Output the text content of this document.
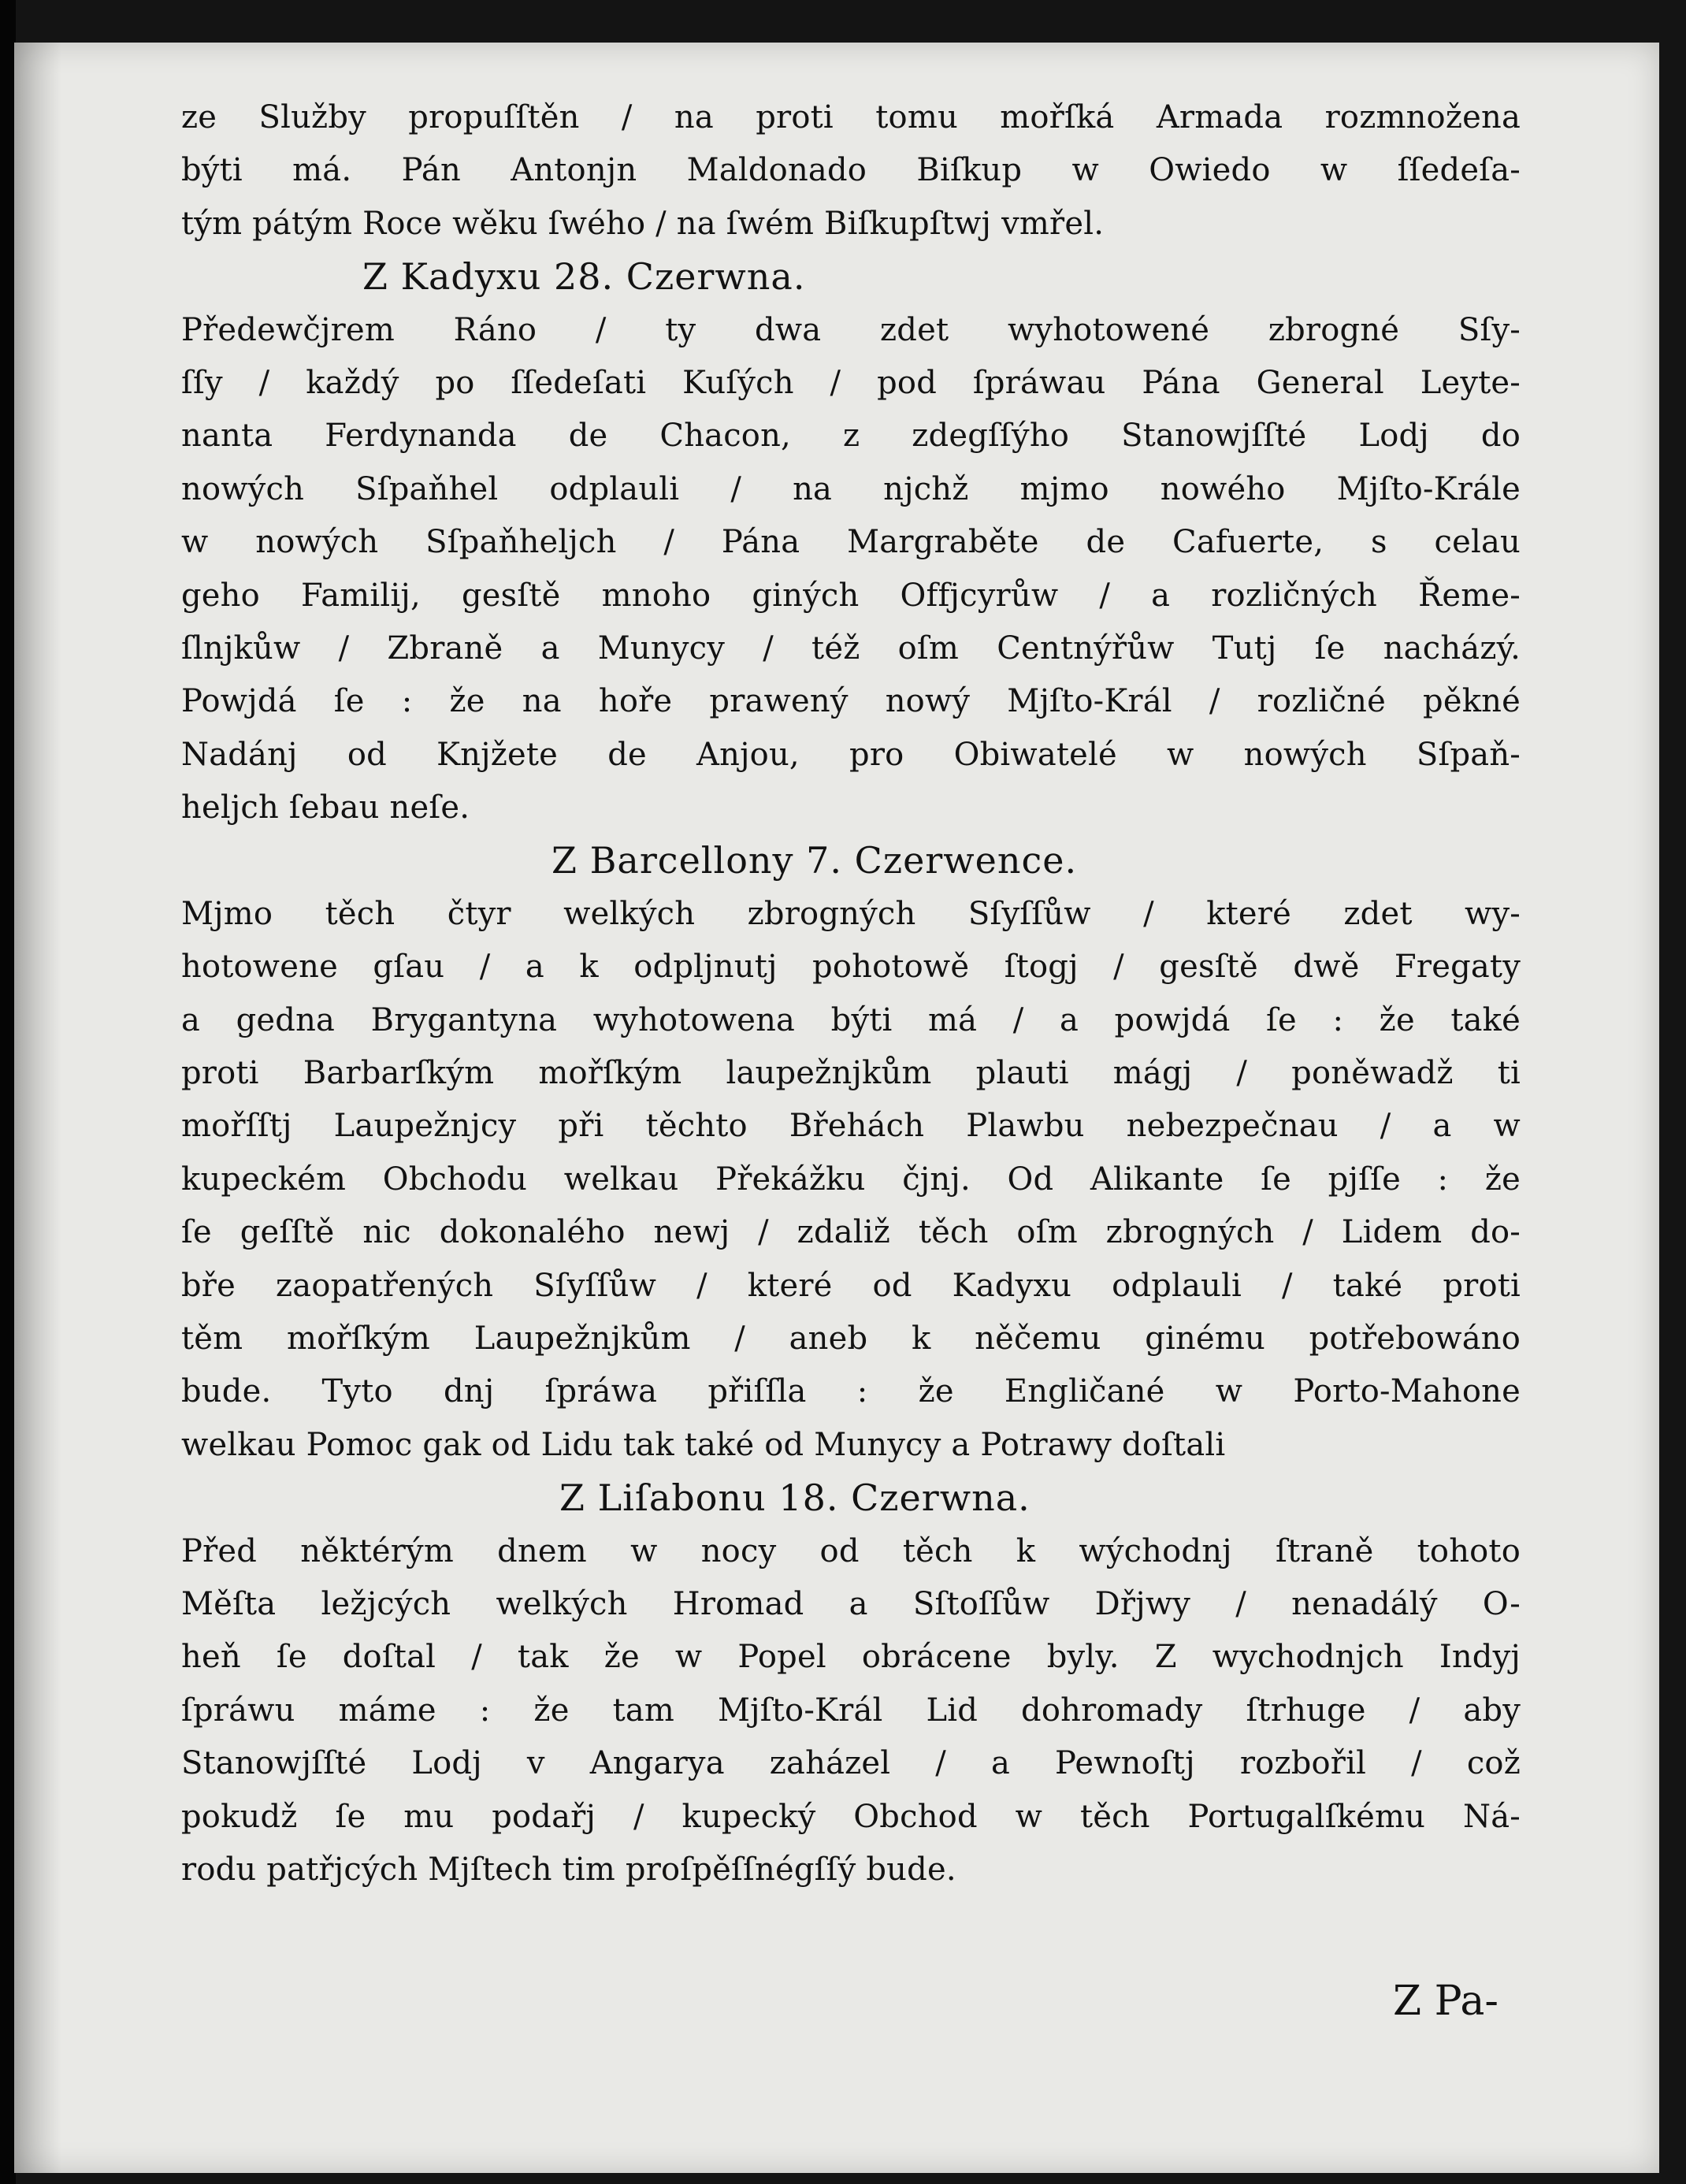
ze Služby propuſſtěn / na proti tomu mořſká Armada rozmnožena
býti má. Pán Antonjn Maldonado Biſkup w Owiedo w ſſedeſa-
tým pátým Roce wěku ſwého / na ſwém Biſkupſtwj vmřel.
Z Kadyxu 28. Czerwna.
Předewčjrem Ráno / ty dwa zdet wyhotowené zbrogné Sſy-
ſſy / každý po ſſedeſati Kuſých / pod ſpráwau Pána General Leyte-
nanta Ferdynanda de Chacon, z zdegſſýho Stanowjſſté Lodj do
nowých Sſpaňhel odplauli / na njchž mjmo nowého Mjſto-Krále
w nowých Sſpaňheljch / Pána Margraběte de Cafuerte, s celau
geho Familij, gesſtě mnoho giných Offjcyrůw / a rozličných Řeme-
ſlnjkůw / Zbraně a Munycy / též oſm Centnýřůw Tutj ſe nacházý.
Powjdá ſe : že na hoře prawený nowý Mjſto-Král / rozličné pěkné
Nadánj od Knjžete de Anjou, pro Obiwatelé w nowých Sſpaň-
heljch ſebau neſe.
Z Barcellony 7. Czerwence.
Mjmo těch čtyr welkých zbrogných Sſyſſůw / které zdet wy-
hotowene gſau / a k odpljnutj pohotowě ſtogj / gesſtě dwě Fregaty
a gedna Brygantyna wyhotowena býti má / a powjdá ſe : že také
proti Barbarſkým mořſkým laupežnjkům plauti mágj / poněwadž ti
mořſſtj Laupežnjcy při těchto Břehách Plawbu nebezpečnau / a w
kupeckém Obchodu welkau Překážku čjnj. Od Alikante ſe pjſſe : že
ſe geſſtě nic dokonalého newj / zdaliž těch oſm zbrogných / Lidem do-
bře zaopatřených Sſyſſůw / které od Kadyxu odplauli / také proti
těm mořſkým Laupežnjkům / aneb k něčemu ginému potřebowáno
bude. Tyto dnj ſpráwa přiſſla : že Engličané w Porto-Mahone
welkau Pomoc gak od Lidu tak také od Munycy a Potrawy doſtali
Z Liſabonu 18. Czerwna.
Před něktérým dnem w nocy od těch k wýchodnj ſtraně tohoto
Měſta ležjcých welkých Hromad a Sſtoſſůw Dřjwy / nenadálý O-
heň ſe doſtal / tak že w Popel obrácene byly. Z wychodnjch Indyj
ſpráwu máme : že tam Mjſto-Král Lid dohromady ſtrhuge / aby
Stanowjſſté Lodj v Angarya zaházel / a Pewnoſtj rozbořil / což
pokudž ſe mu podařj / kupecký Obchod w těch Portugalſkému Ná-
rodu patřjcých Mjſtech tim proſpěſſnégſſý bude.
Z Pa-
